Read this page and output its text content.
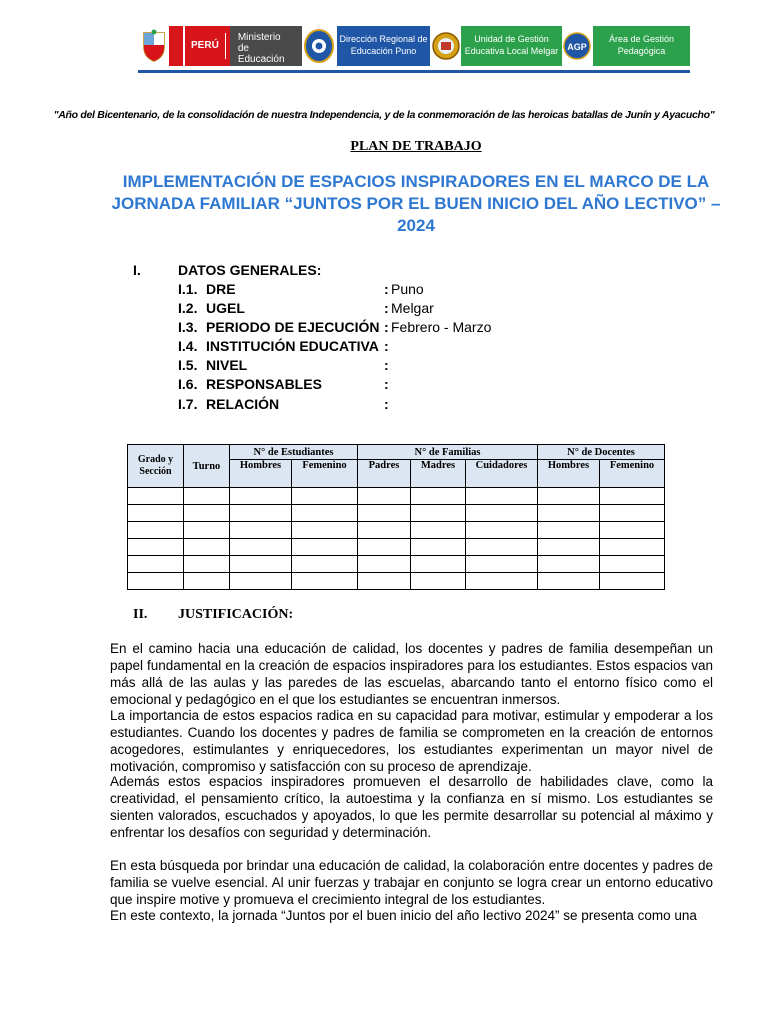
PERÚ
Ministerio de Educación
Dirección Regional de Educación Puno
Unidad de Gestión Educativa Local Melgar	AGP
Área de Gestión Pedagógica
"Año del Bicentenario, de la consolidación de nuestra Independencia, y de la conmemoración de las heroicas batallas de Junín y Ayacucho"
PLAN DE TRABAJO
IMPLEMENTACIÓN DE ESPACIOS INSPIRADORES EN EL MARCO DE LA JORNADA FAMILIAR “JUNTOS POR EL BUEN INICIO DEL AÑO LECTIVO” – 2024
I.	DATOS GENERALES:
I.1. DRE	: Puno
I.2. UGEL	: Melgar
I.3. PERIODO DE EJECUCIÓN : Febrero - Marzo
I.4. INSTITUCIÓN EDUCATIVA :
I.5. NIVEL	:
I.6. RESPONSABLES	:
I.7. RELACIÓN	:
Grado y Sección	Turno	N° de Estudiantes		N° de Familias			N° de Docentes	
		Hombres	Femenino	Padres	Madres	Cuidadores	Hombres	Femenino

II. JUSTIFICACIÓN:
En el camino hacia una educación de calidad, los docentes y padres de familia desempeñan un papel fundamental en la creación de espacios inspiradores para los estudiantes. Estos espacios van más allá de las aulas y las paredes de las escuelas, abarcando tanto el entorno físico como el emocional y pedagógico en el que los estudiantes se encuentran inmersos.
La importancia de estos espacios radica en su capacidad para motivar, estimular y empoderar a los estudiantes. Cuando los docentes y padres de familia se comprometen en la creación de entornos acogedores, estimulantes y enriquecedores, los estudiantes experimentan un mayor nivel de motivación, compromiso y satisfacción con su proceso de aprendizaje.
Además estos espacios inspiradores promueven el desarrollo de habilidades clave, como la creatividad, el pensamiento crítico, la autoestima y la confianza en sí mismo. Los estudiantes se sienten valorados, escuchados y apoyados, lo que les permite desarrollar su potencial al máximo y enfrentar los desafíos con seguridad y determinación.
En esta búsqueda por brindar una educación de calidad, la colaboración entre docentes y padres de familia se vuelve esencial. Al unir fuerzas y trabajar en conjunto se logra crear un entorno educativo que inspire motive y promueva el crecimiento integral de los estudiantes.
En este contexto, la jornada “Juntos por el buen inicio del año lectivo 2024” se presenta como una
